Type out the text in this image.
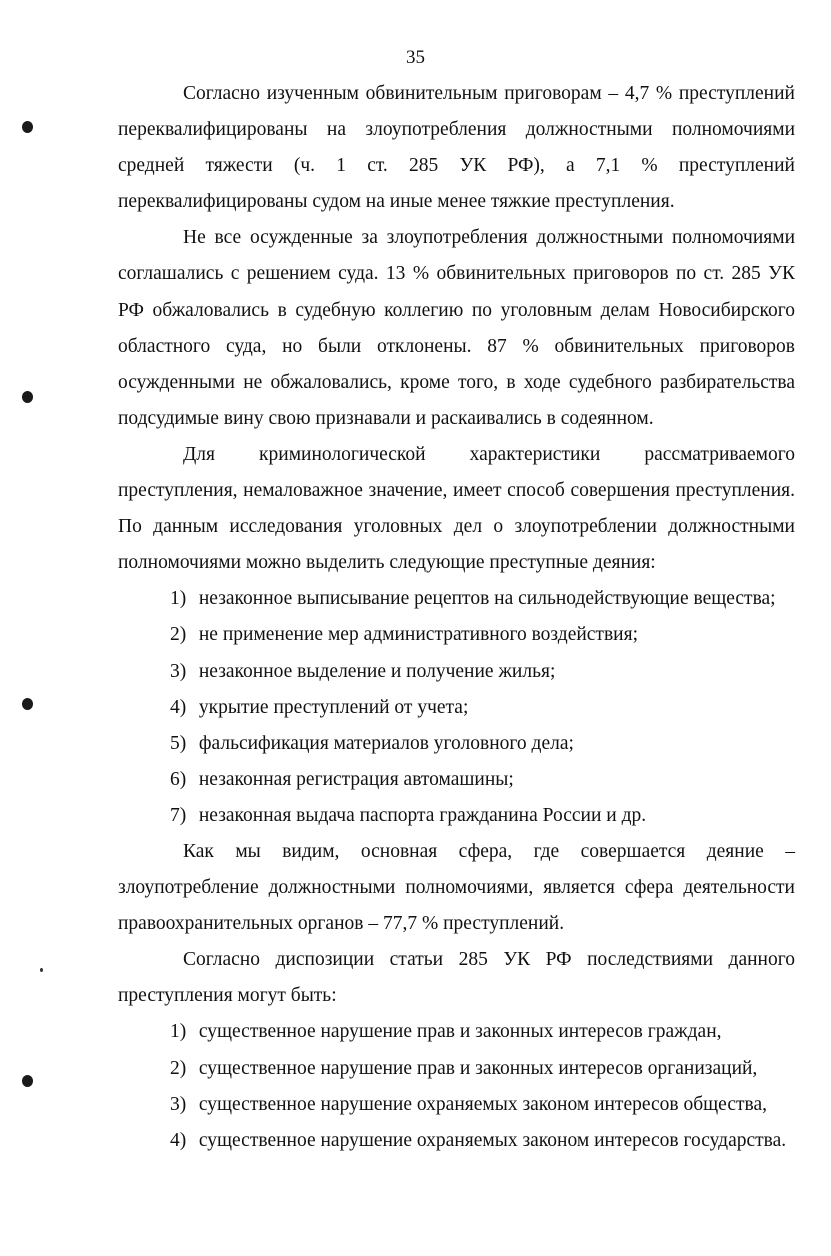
35

Согласно изученным обвинительным приговорам – 4,7 % преступлений переквалифицированы на злоупотребления должностными полномочиями средней тяжести (ч. 1 ст. 285 УК РФ), а 7,1 % преступлений переквалифицированы судом на иные менее тяжкие преступления.

Не все осужденные за злоупотребления должностными полномочиями соглашались с решением суда. 13 % обвинительных приговоров по ст. 285 УК РФ обжаловались в судебную коллегию по уголовным делам Новосибирского областного суда, но были отклонены. 87 % обвинительных приговоров осужденными не обжаловались, кроме того, в ходе судебного разбирательства подсудимые вину свою признавали и раскаивались в содеянном.

Для криминологической характеристики рассматриваемого преступления, немаловажное значение, имеет способ совершения преступления. По данным исследования уголовных дел о злоупотреблении должностными полномочиями можно выделить следующие преступные деяния:

1) незаконное выписывание рецептов на сильнодействующие вещества;
2) не применение мер административного воздействия;
3) незаконное выделение и получение жилья;
4) укрытие преступлений от учета;
5) фальсификация материалов уголовного дела;
6) незаконная регистрация автомашины;
7) незаконная выдача паспорта гражданина России и др.

Как мы видим, основная сфера, где совершается деяние – злоупотребление должностными полномочиями, является сфера деятельности правоохранительных органов – 77,7 % преступлений.

Согласно диспозиции статьи 285 УК РФ последствиями данного преступления могут быть:

1) существенное нарушение прав и законных интересов граждан,
2) существенное нарушение прав и законных интересов организаций,
3) существенное нарушение охраняемых законом интересов общества,
4) существенное нарушение охраняемых законом интересов государства.
